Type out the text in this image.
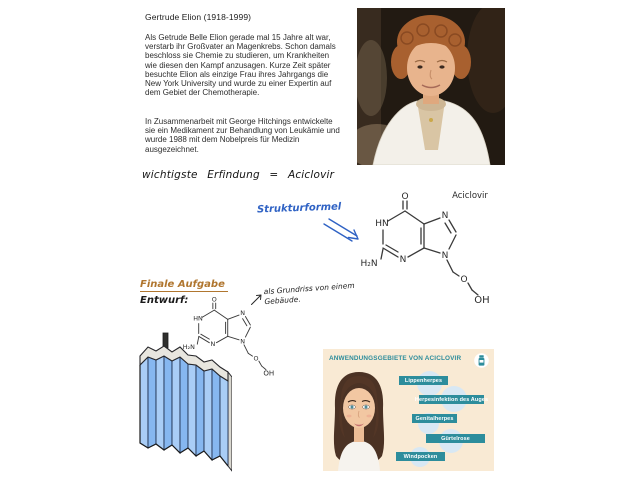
Gertrude Elion (1918-1999)
Als Getrude Belle Elion gerade mal 15 Jahre alt war, verstarb ihr Großvater an Magenkrebs. Schon damals beschloss sie Chemie zu studieren, um Krankheiten wie diesen den Kampf anzusagen. Kurze Zeit später besuchte Elion als einzige Frau ihres Jahrgangs die New York University und wurde zu einer Expertin auf dem Gebiet der Chemotherapie.
In Zusammenarbeit mit George Hitchings entwickelte sie ein Medikament zur Behandlung von Leukämie und wurde 1988 mit dem Nobelpreis für Medizin ausgezeichnet.
wichtigste Erfindung = Aciclovir
Strukturformel
O
HN
H₂N N
N
N
O
OH
Aciclovir
Finale Aufgabe
Entwurf:
als Grundriss von einem
Gebäude.
ANWENDUNGSGEBIETE VON ACICLOVIR
Lippenherpes
Herpesinfektion des Auges
Genitalherpes
Gürtelrose
Windpocken
